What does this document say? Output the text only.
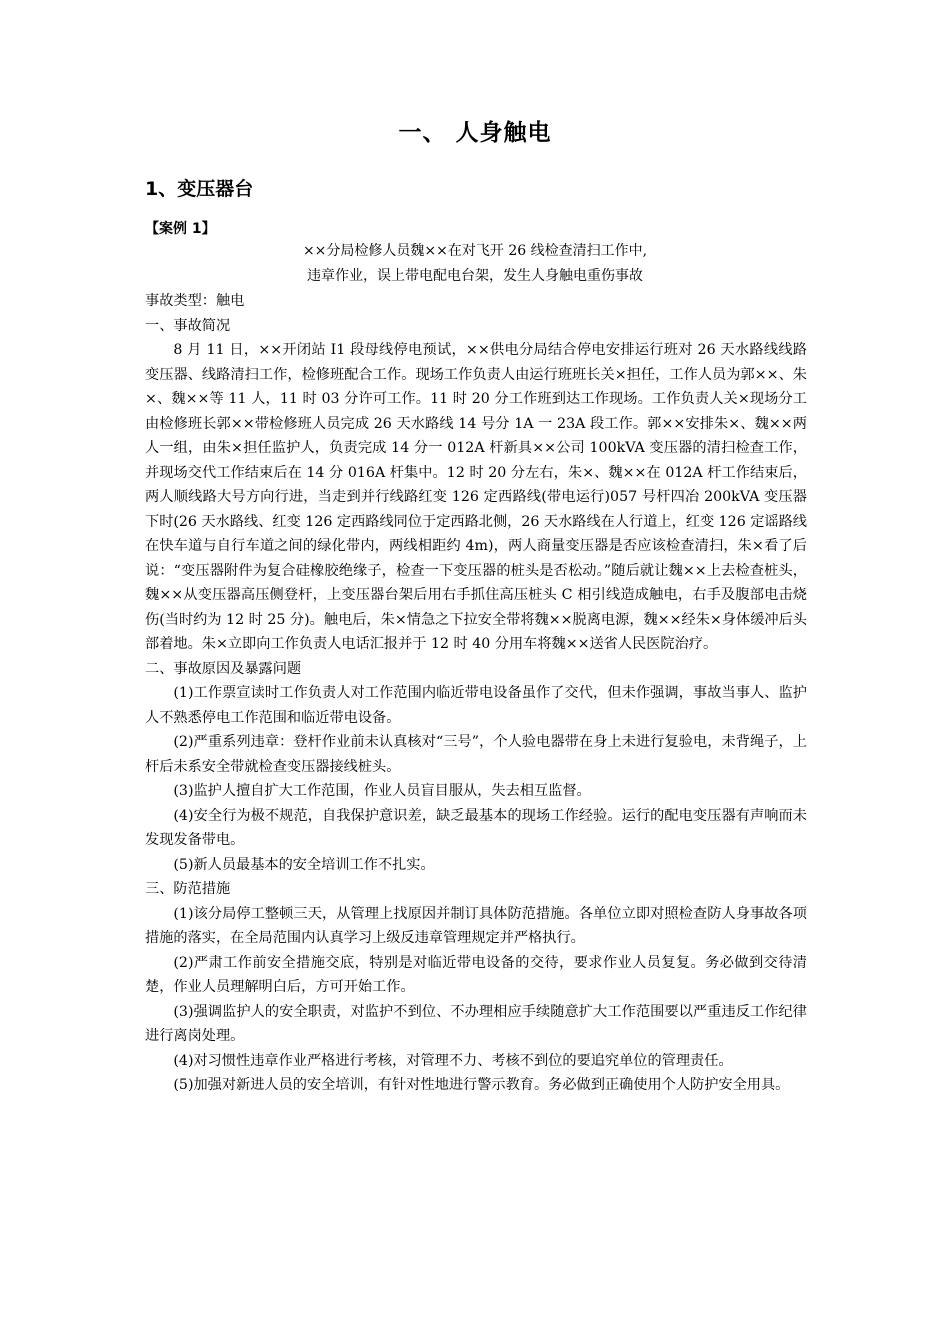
一、 人身触电
1、变压器台
【案例 1】
××分局检修人员魏××在对飞开 26 线检查清扫工作中,
违章作业，误上带电配电台架，发生人身触电重伤事故

事故类型：触电

一、事故简况

8 月 11 日，××开闭站 I1 段母线停电预试，××供电分局结合停电安排运行班对 26 天水路线线路变压器、线路清扫工作，检修班配合工作。现场工作负责人由运行班班长关×担任，工作人员为郭××、朱×、魏××等 11 人，11 时 03 分许可工作。11 时 20 分工作班到达工作现场。工作负责人关×现场分工由检修班长郭××带检修班人员完成 26 天水路线 14 号分 1A 一 23A 段工作。郭××安排朱×、魏××两人一组，由朱×担任监护人，负责完成 14 分一 012A 杆新具××公司 100kVA 变压器的清扫检查工作，并现场交代工作结束后在 14 分 016A 杆集中。12 时 20 分左右，朱×、魏××在 012A 杆工作结束后，两人顺线路大号方向行进，当走到并行线路红变 126 定西路线(带电运行)057 号杆四冶 200kVA 变压器下时(26 天水路线、红变 126 定西路线同位于定西路北侧，26 天水路线在人行道上，红变 126 定谣路线在快车道与自行车道之间的绿化带内，两线相距约 4m)，两人商量变压器是否应该检查清扫，朱×看了后说：“变压器附件为复合硅橡胶绝缘子，检查一下变压器的桩头是否松动。”随后就让魏××上去检查桩头，魏××从变压器高压侧登杆，上变压器台架后用右手抓住高压桩头 C 相引线造成触电，右手及腹部电击烧伤(当时约为 12 时 25 分)。触电后，朱×情急之下拉安全带将魏××脱离电源，魏××经朱×身体缓冲后头部着地。朱×立即向工作负责人电话汇报并于 12 时 40 分用车将魏××送省人民医院治疗。

二、事故原因及暴露问题

(1)工作票宣读时工作负责人对工作范围内临近带电设备虽作了交代，但未作强调，事故当事人、监护人不熟悉停电工作范围和临近带电设备。

(2)严重系列违章：登杆作业前未认真核对“三号”，个人验电器带在身上未进行复验电，未背绳子，上杆后未系安全带就检查变压器接线桩头。

(3)监护人擅自扩大工作范围，作业人员盲目服从，失去相互监督。

(4)安全行为极不规范，自我保护意识差，缺乏最基本的现场工作经验。运行的配电变压器有声响而未发现发备带电。

(5)新人员最基本的安全培训工作不扎实。

三、防范措施

(1)该分局停工整顿三天，从管理上找原因并制订具体防范措施。各单位立即对照检查防人身事故各项措施的落实，在全局范围内认真学习上级反违章管理规定并严格执行。

(2)严肃工作前安全措施交底，特别是对临近带电设备的交待，要求作业人员复复。务必做到交待清楚，作业人员理解明白后，方可开始工作。

(3)强调监护人的安全职责，对监护不到位、不办理相应手续随意扩大工作范围要以严重违反工作纪律进行离岗处理。

(4)对习惯性违章作业严格进行考核，对管理不力、考核不到位的要追究单位的管理责任。

(5)加强对新进人员的安全培训，有针对性地进行警示教育。务必做到正确使用个人防护安全用具。
